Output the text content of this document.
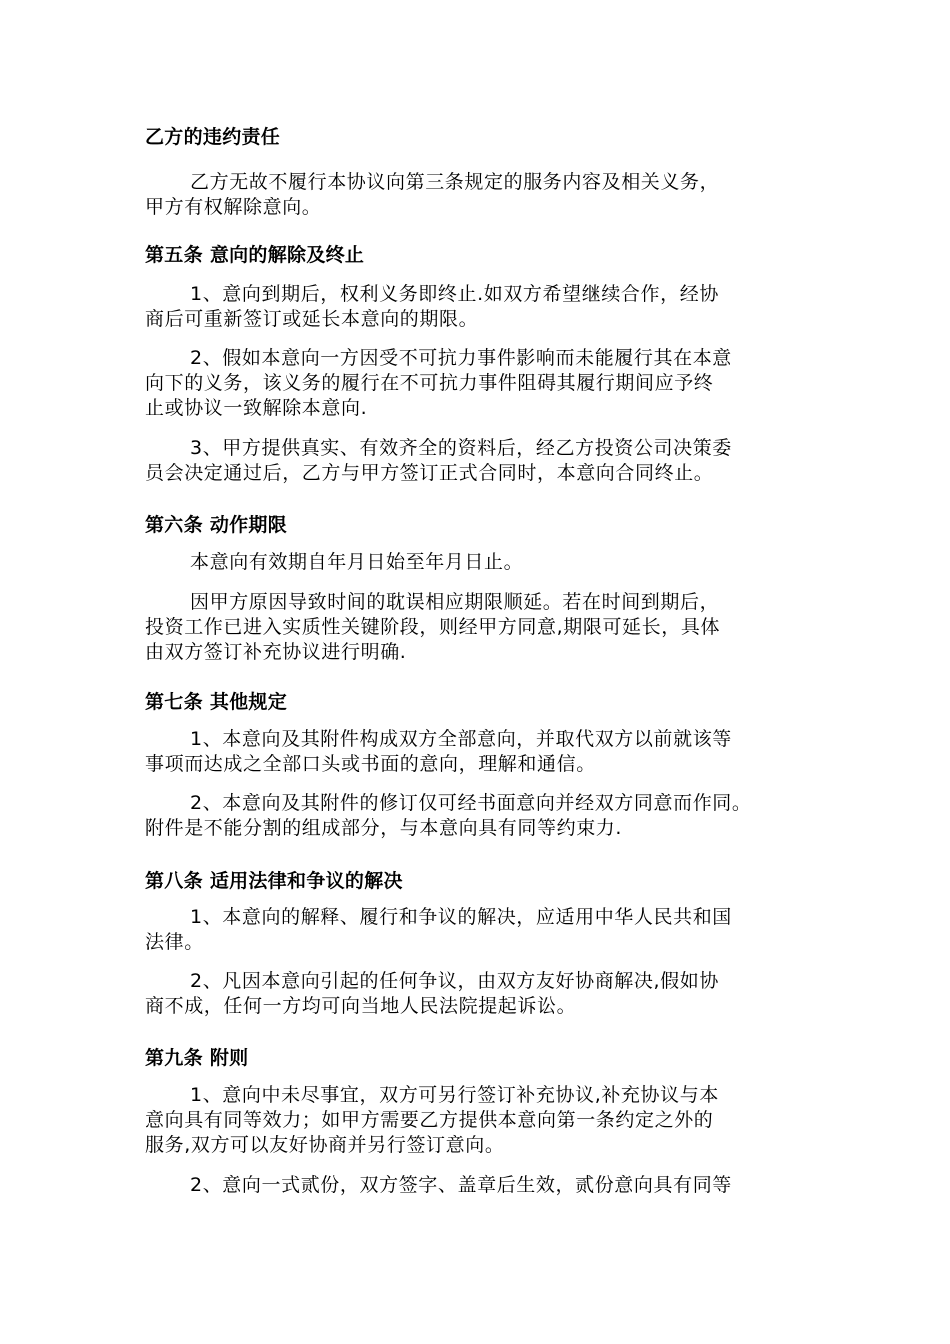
乙方的违约责任
乙方无故不履行本协议向第三条规定的服务内容及相关义务，
甲方有权解除意向。
第五条 意向的解除及终止
1、意向到期后，权利义务即终止.如双方希望继续合作，经协
商后可重新签订或延长本意向的期限。
2、假如本意向一方因受不可抗力事件影响而未能履行其在本意
向下的义务，该义务的履行在不可抗力事件阻碍其履行期间应予终
止或协议一致解除本意向.
3、甲方提供真实、有效齐全的资料后，经乙方投资公司决策委
员会决定通过后，乙方与甲方签订正式合同时，本意向合同终止。
第六条 动作期限
本意向有效期自年月日始至年月日止。
因甲方原因导致时间的耽误相应期限顺延。若在时间到期后，
投资工作已进入实质性关键阶段，则经甲方同意,期限可延长，具体
由双方签订补充协议进行明确.
第七条 其他规定
1、本意向及其附件构成双方全部意向，并取代双方以前就该等
事项而达成之全部口头或书面的意向，理解和通信。
2、本意向及其附件的修订仅可经书面意向并经双方同意而作同。
附件是不能分割的组成部分，与本意向具有同等约束力.
第八条 适用法律和争议的解决
1、本意向的解释、履行和争议的解决，应适用中华人民共和国
法律。
2、凡因本意向引起的任何争议，由双方友好协商解决,假如协
商不成，任何一方均可向当地人民法院提起诉讼。
第九条 附则
1、意向中未尽事宜，双方可另行签订补充协议,补充协议与本
意向具有同等效力；如甲方需要乙方提供本意向第一条约定之外的
服务,双方可以友好协商并另行签订意向。
2、意向一式贰份，双方签字、盖章后生效，贰份意向具有同等
